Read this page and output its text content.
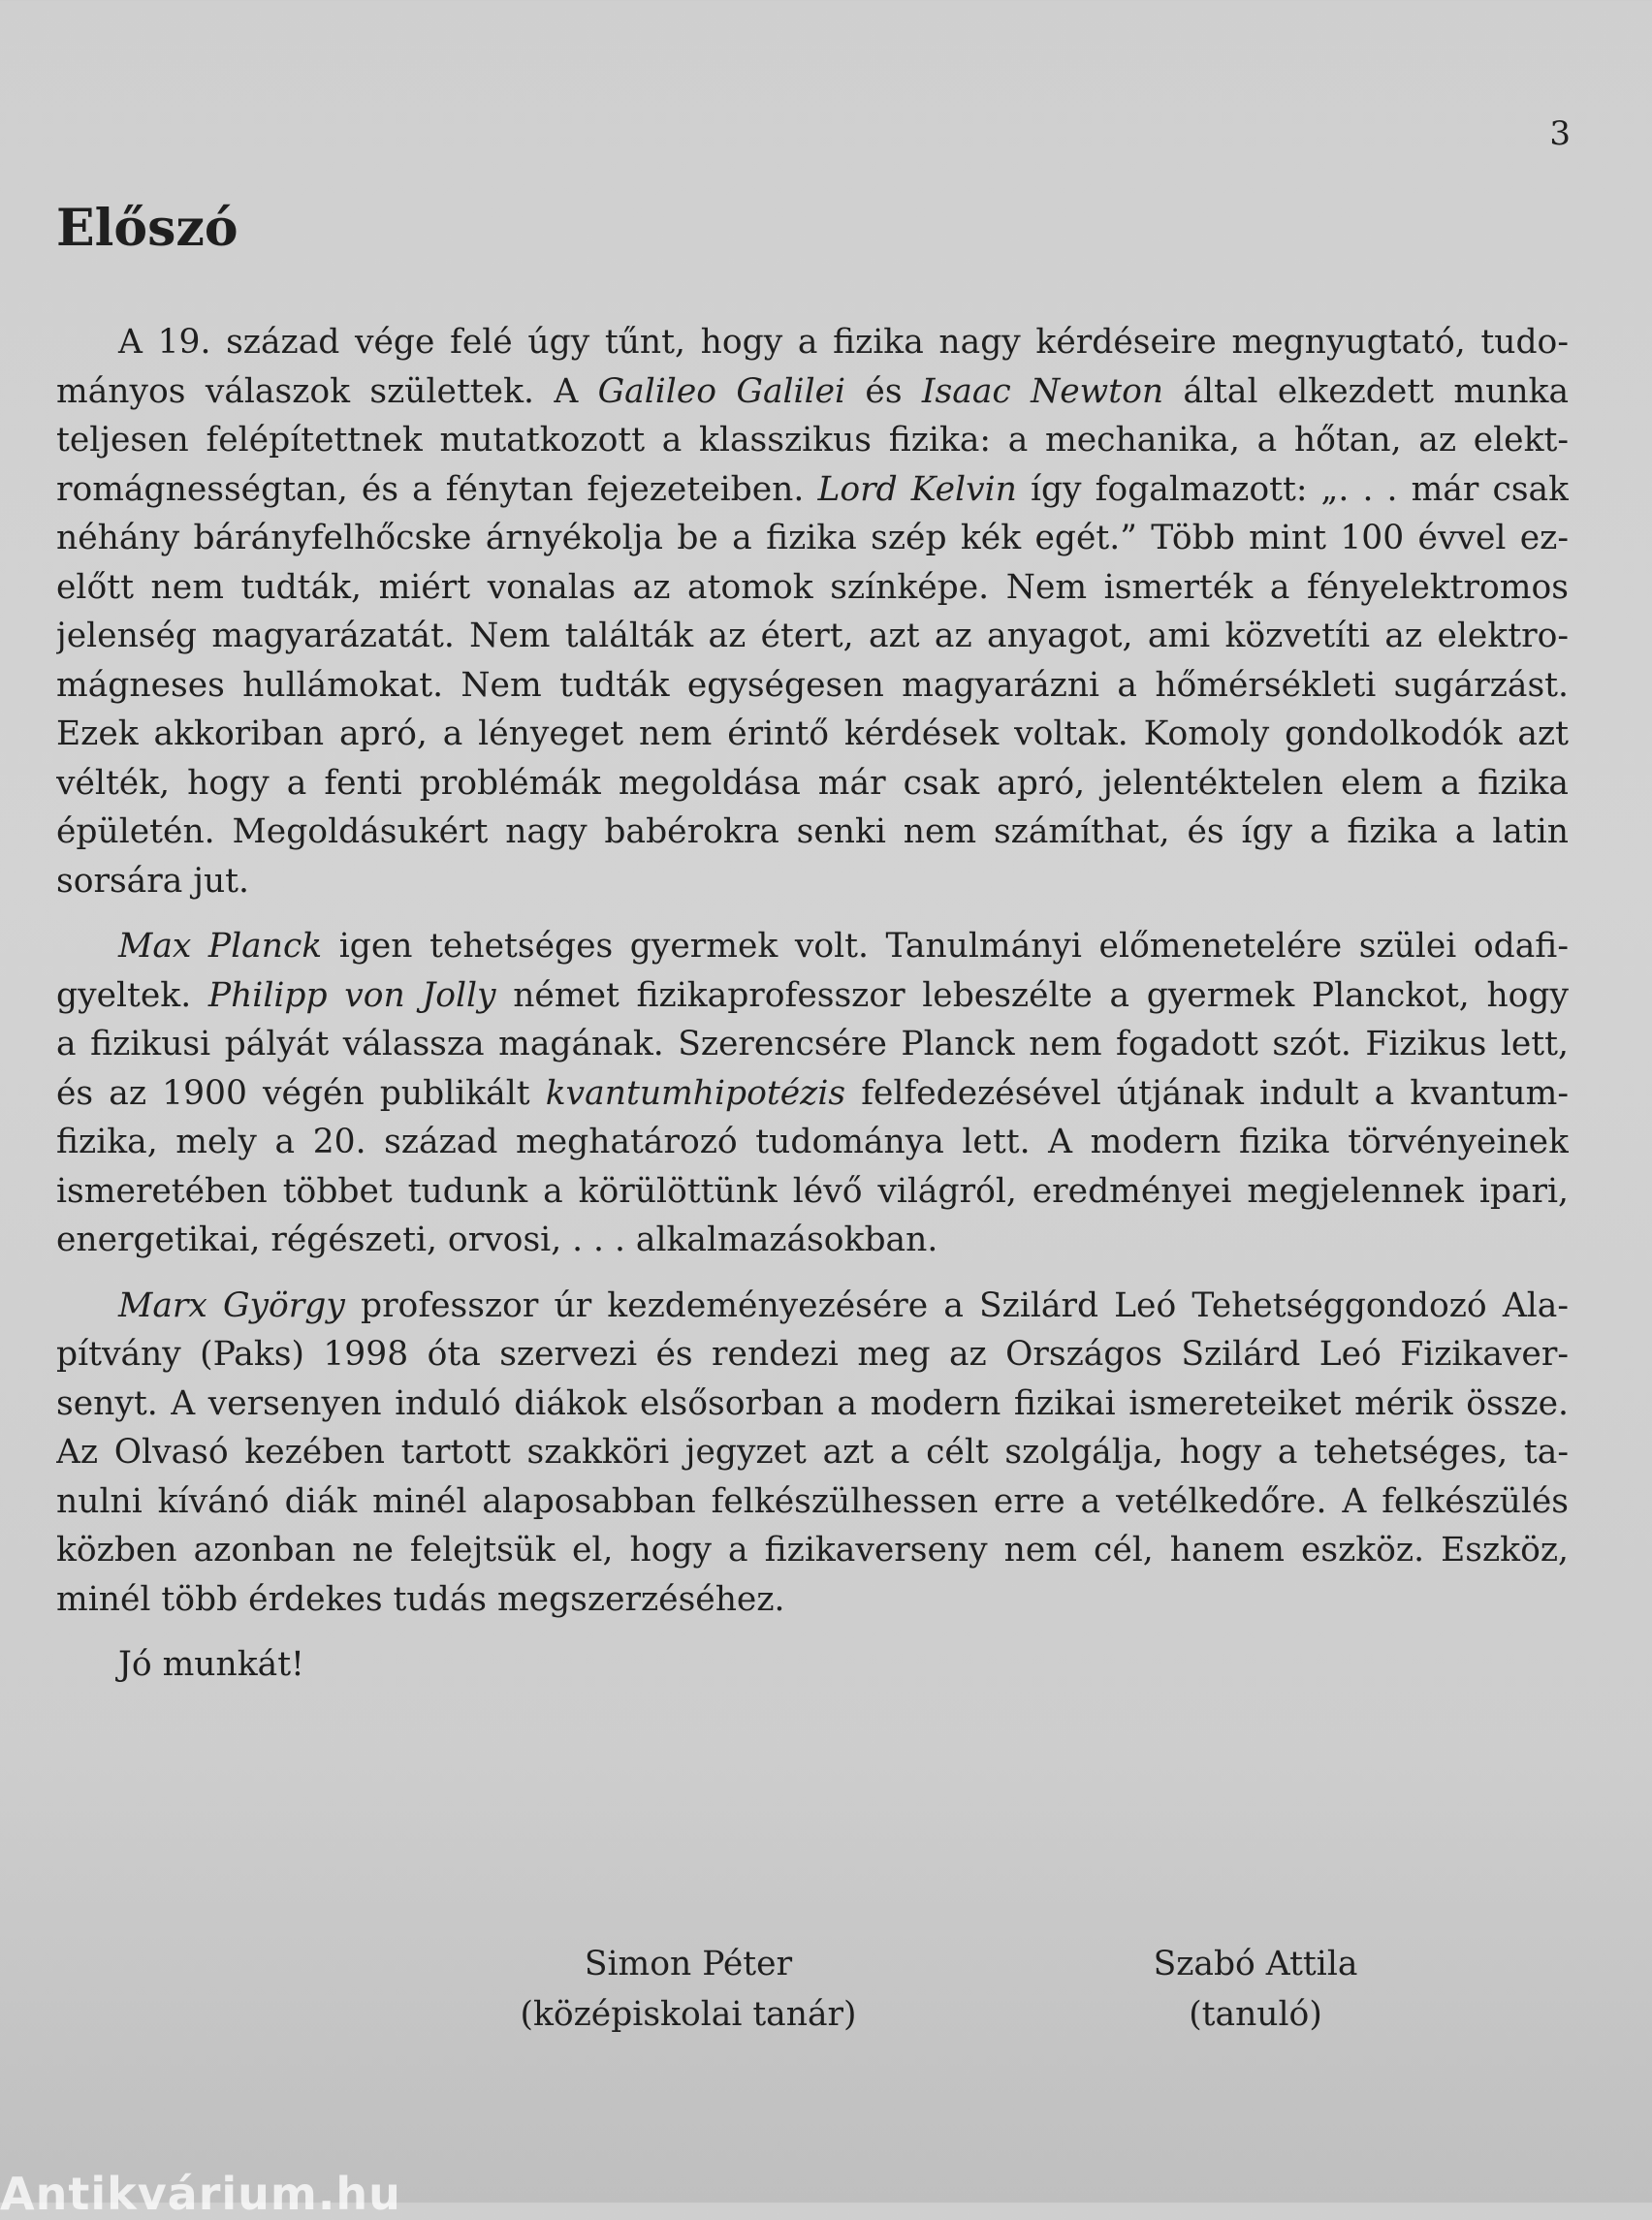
3
Előszó

A 19. század vége felé úgy tűnt, hogy a fizika nagy kérdéseire megnyugtató, tudo-
mányos válaszok születtek. A Galileo Galilei és Isaac Newton által elkezdett munka
teljesen felépítettnek mutatkozott a klasszikus fizika: a mechanika, a hőtan, az elekt-
romágnességtan, és a fénytan fejezeteiben. Lord Kelvin így fogalmazott: „. . . már csak
néhány bárányfelhőcske árnyékolja be a fizika szép kék egét.” Több mint 100 évvel ez-
előtt nem tudták, miért vonalas az atomok színképe. Nem ismerték a fényelektromos
jelenség magyarázatát. Nem találták az étert, azt az anyagot, ami közvetíti az elektro-
mágneses hullámokat. Nem tudták egységesen magyarázni a hőmérsékleti sugárzást.
Ezek akkoriban apró, a lényeget nem érintő kérdések voltak. Komoly gondolkodók azt
vélték, hogy a fenti problémák megoldása már csak apró, jelentéktelen elem a fizika
épületén. Megoldásukért nagy babérokra senki nem számíthat, és így a fizika a latin
sorsára jut.

Max Planck igen tehetséges gyermek volt. Tanulmányi előmenetelére szülei odafi-
gyeltek. Philipp von Jolly német fizikaprofesszor lebeszélte a gyermek Planckot, hogy
a fizikusi pályát válassza magának. Szerencsére Planck nem fogadott szót. Fizikus lett,
és az 1900 végén publikált kvantumhipotézis felfedezésével útjának indult a kvantum-
fizika, mely a 20. század meghatározó tudománya lett. A modern fizika törvényeinek
ismeretében többet tudunk a körülöttünk lévő világról, eredményei megjelennek ipari,
energetikai, régészeti, orvosi, . . . alkalmazásokban.

Marx György professzor úr kezdeményezésére a Szilárd Leó Tehetséggondozó Ala-
pítvány (Paks) 1998 óta szervezi és rendezi meg az Országos Szilárd Leó Fizikaver-
senyt. A versenyen induló diákok elsősorban a modern fizikai ismereteiket mérik össze.
Az Olvasó kezében tartott szakköri jegyzet azt a célt szolgálja, hogy a tehetséges, ta-
nulni kívánó diák minél alaposabban felkészülhessen erre a vetélkedőre. A felkészülés
közben azonban ne felejtsük el, hogy a fizikaverseny nem cél, hanem eszköz. Eszköz,
minél több érdekes tudás megszerzéséhez.

Jó munkát!

Simon Péter
(középiskolai tanár)
Szabó Attila
(tanuló)
Antikvárium.hu
